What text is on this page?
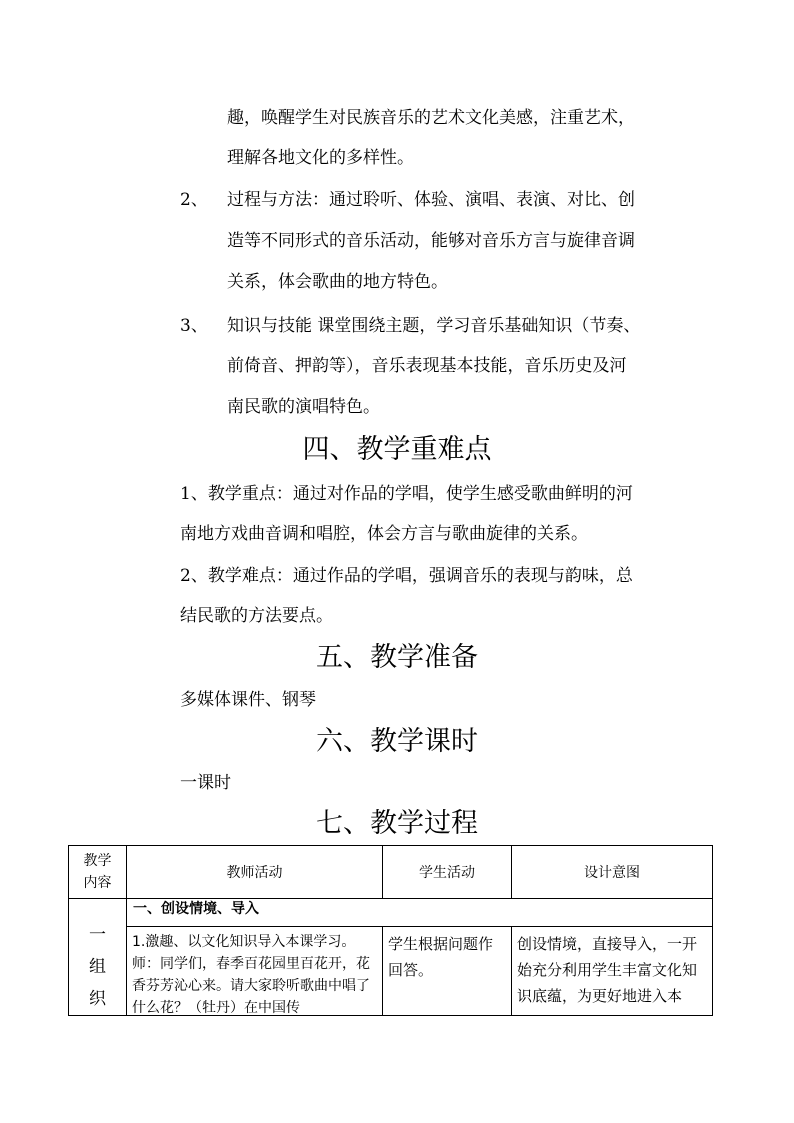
趣，唤醒学生对民族音乐的艺术文化美感，注重艺术，
理解各地文化的多样性。
2、 过程与方法：通过聆听、体验、演唱、表演、对比、创
造等不同形式的音乐活动，能够对音乐方言与旋律音调
关系，体会歌曲的地方特色。
3、 知识与技能 课堂围绕主题，学习音乐基础知识（节奏、
前倚音、押韵等），音乐表现基本技能，音乐历史及河
南民歌的演唱特色。
四、教学重难点
1、教学重点：通过对作品的学唱，使学生感受歌曲鲜明的河
南地方戏曲音调和唱腔，体会方言与歌曲旋律的关系。
2、教学难点：通过作品的学唱，强调音乐的表现与韵味，总
结民歌的方法要点。
五、教学准备
多媒体课件、钢琴
六、教学课时
一课时
七、教学过程
教学
内容	教师活动	学生活动	设计意图

一
组
织	一、创设情境、导入		

	1.激趣、以文化知识导入本课学习。师：同学们，春季百花园里百花开，花香芬芳沁心来。请大家聆听歌曲中唱了什么花？（牡丹）在中国传	学生根据问题作回答。	创设情境，直接导入，一开始充分利用学生丰富文化知识底蕴，为更好地进入本
